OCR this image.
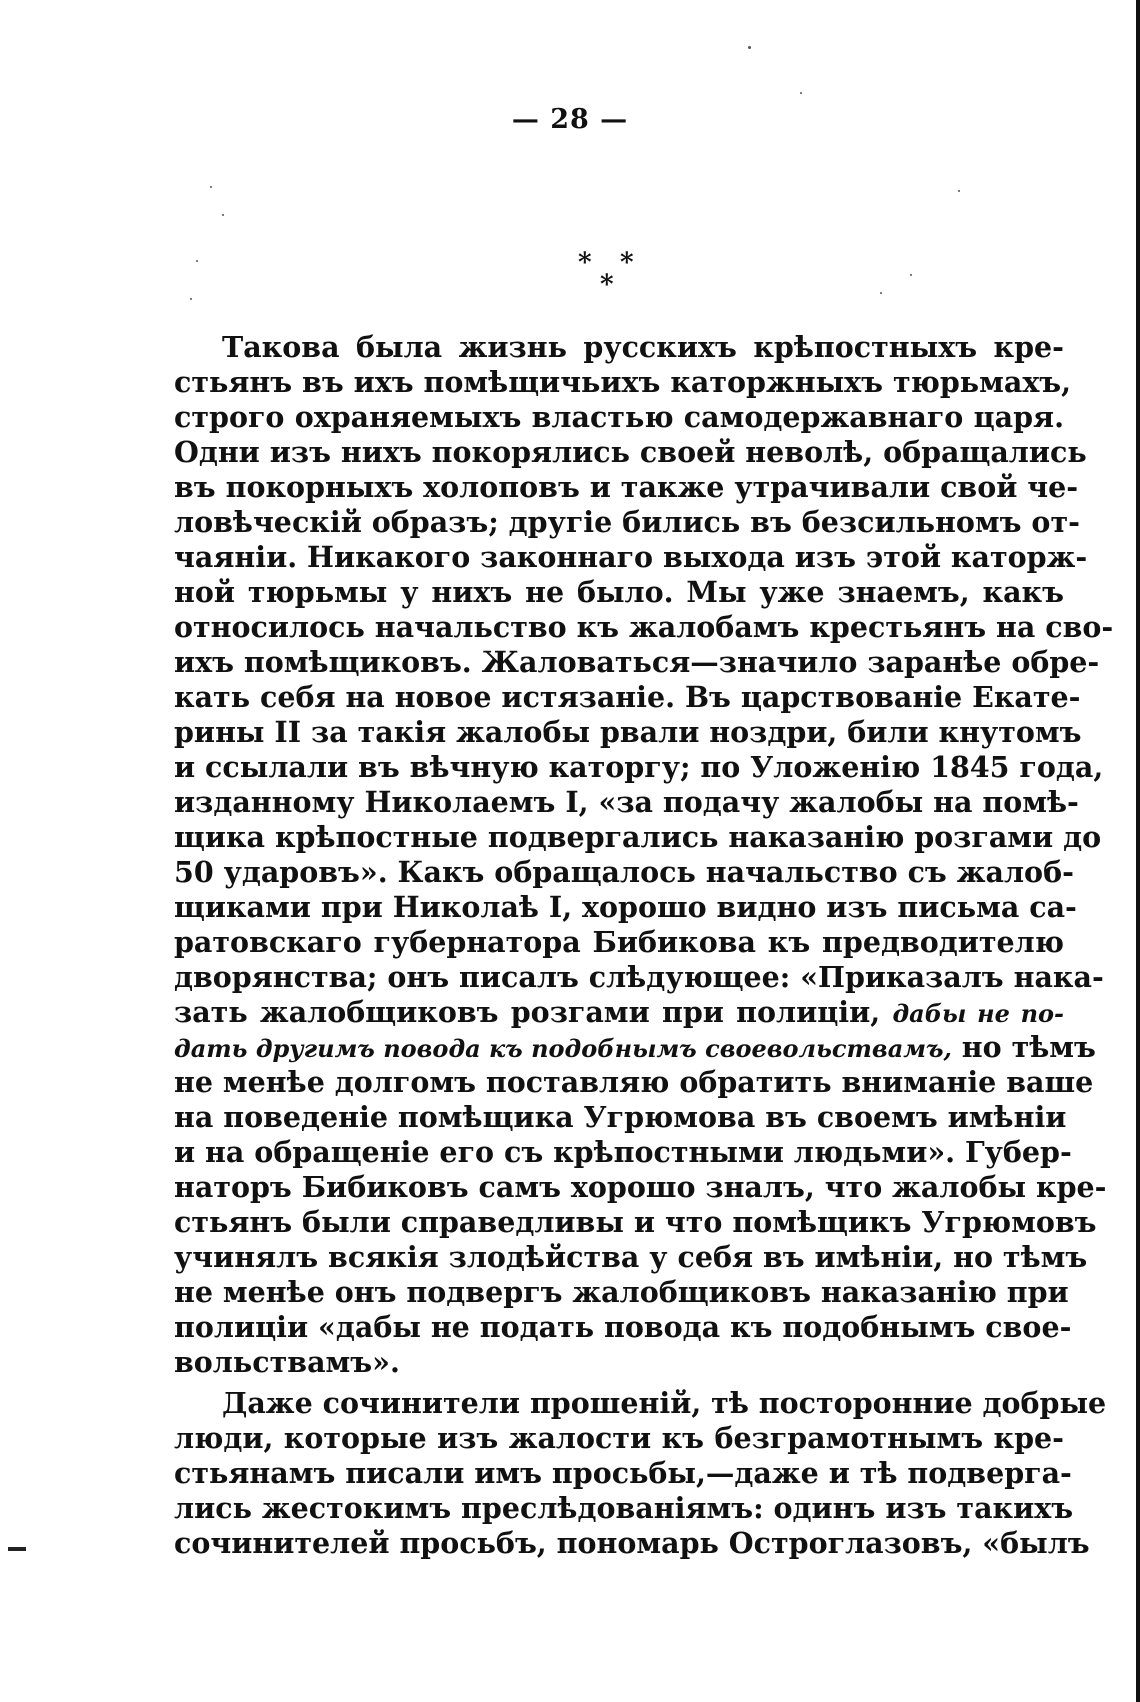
— 28 —
* *
*
Таковa была жизнь русскихъ крѣпостныхъ кре-
стьянъ въ ихъ помѣщичьихъ каторжныхъ тюрьмахъ,
строго охраняемыхъ властью самодержавнаго царя.
Одни изъ нихъ покорялись своей неволѣ, обращались
въ покорныхъ холоповъ и также утрачивали свой че-
ловѣческiй образъ; другiе бились въ безсильномъ от-
чаянiи. Никакого законнаго выхода изъ этой каторж-
ной тюрьмы у нихъ не было. Мы уже знаемъ, какъ
относилось начальство къ жалобамъ крестьянъ на сво-
ихъ помѣщиковъ. Жаловаться—значило заранѣе обре-
кать себя на новое истязанiе. Въ царствованiе Екате-
рины II за такiя жалобы рвали ноздри, били кнутомъ
и ссылали въ вѣчную каторгу; по Уложенiю 1845 года,
изданному Николаемъ I, «за подачу жалобы на помѣ-
щика крѣпостные подвергались наказанiю розгами до
50 ударовъ». Какъ обращалось начальство съ жалоб-
щиками при Николаѣ I, хорошо видно изъ письма са-
ратовскаго губернатора Бибикова къ предводителю
дворянства; онъ писалъ слѣдующее: «Приказалъ нака-
зать жалобщиковъ розгами при полицiи, дабы не по-
дать другимъ повода къ подобнымъ своевольствамъ, но тѣмъ
не менѣе долгомъ поставляю обратить вниманiе ваше
на поведенiе помѣщика Угрюмова въ своемъ имѣнiи
и на обращенiе его съ крѣпостными людьми». Губер-
наторъ Бибиковъ самъ хорошо зналъ, что жалобы кре-
стьянъ были справедливы и что помѣщикъ Угрюмовъ
учинялъ всякiя злодѣйства у себя въ имѣнiи, но тѣмъ
не менѣе онъ подвергъ жалобщиковъ наказанiю при
полицiи «дабы не подать повода къ подобнымъ свое-
вольствамъ».
Даже сочинители прошенiй, тѣ посторонние добрые
люди, которые изъ жалости къ безграмотнымъ кре-
стьянамъ писали имъ просьбы,—даже и тѣ подверга-
лись жестокимъ преслѣдованiямъ: одинъ изъ такихъ
сочинителей просьбъ, пономарь Острoглазовъ, «былъ
